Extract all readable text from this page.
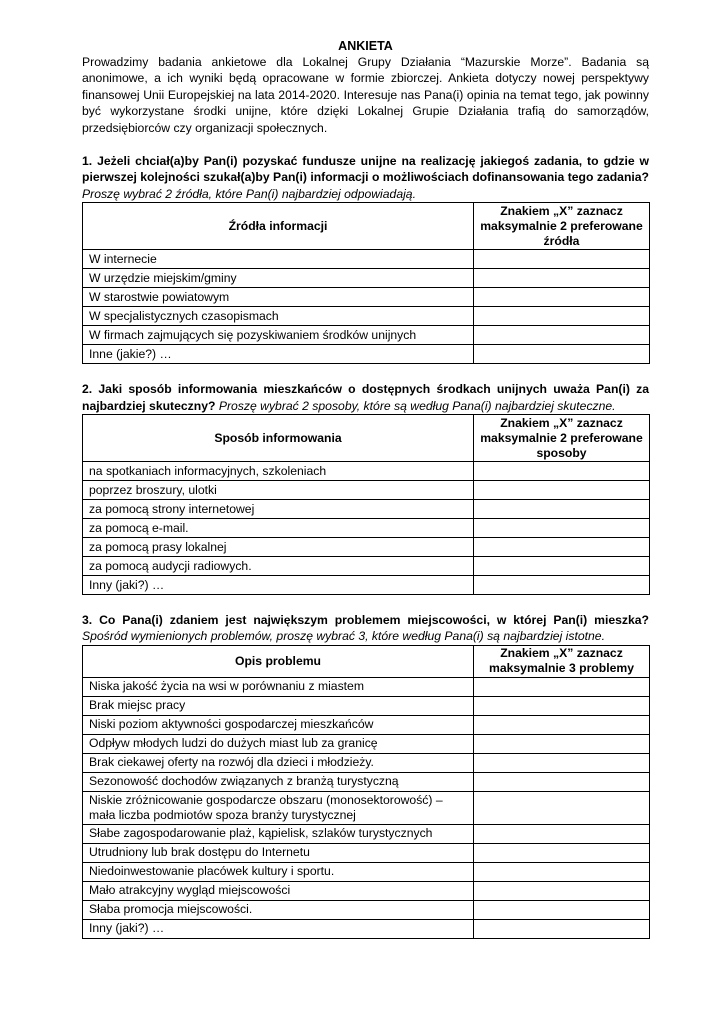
ANKIETA

Prowadzimy badania ankietowe dla Lokalnej Grupy Działania “Mazurskie Morze”. Badania są anonimowe, a ich wyniki będą opracowane w formie zbiorczej. Ankieta dotyczy nowej perspektywy finansowej Unii Europejskiej na lata 2014-2020. Interesuje nas Pana(i) opinia na temat tego, jak powinny być wykorzystane środki unijne, które dzięki Lokalnej Grupie Działania trafią do samorządów, przedsiębiorców czy organizacji społecznych.

1. Jeżeli chciał(a)by Pan(i) pozyskać fundusze unijne na realizację jakiegoś zadania, to gdzie w pierwszej kolejności szukał(a)by Pan(i) informacji o możliwościach dofinansowania tego zadania? Proszę wybrać 2 źródła, które Pan(i) najbardziej odpowiadają.

Źródła informacji	Znakiem „X” zaznacz maksymalnie 2 preferowane źródła
W internecie	
W urzędzie miejskim/gminy	
W starostwie powiatowym	
W specjalistycznych czasopismach	
W firmach zajmujących się pozyskiwaniem środków unijnych	
Inne (jakie?) …	

2. Jaki sposób informowania mieszkańców o dostępnych środkach unijnych uważa Pan(i) za najbardziej skuteczny? Proszę wybrać 2 sposoby, które są według Pana(i) najbardziej skuteczne.

Sposób informowania	Znakiem „X” zaznacz maksymalnie 2 preferowane sposoby
na spotkaniach informacyjnych, szkoleniach	
poprzez broszury, ulotki	
za pomocą strony internetowej	
za pomocą e-mail.	
za pomocą prasy lokalnej	
za pomocą audycji radiowych.	
Inny (jaki?) …	

3. Co Pana(i) zdaniem jest największym problemem miejscowości, w której Pan(i) mieszka? Spośród wymienionych problemów, proszę wybrać 3, które według Pana(i) są najbardziej istotne.

Opis problemu	Znakiem „X” zaznacz maksymalnie 3 problemy
Niska jakość życia na wsi w porównaniu z miastem	
Brak miejsc pracy	
Niski poziom aktywności gospodarczej mieszkańców	
Odpływ młodych ludzi do dużych miast lub za granicę	
Brak ciekawej oferty na rozwój dla dzieci i młodzieży.	
Sezonowość dochodów związanych z branżą turystyczną	
Niskie zróżnicowanie gospodarcze obszaru (monosektorowość) – mała liczba podmiotów spoza branży turystycznej	
Słabe zagospodarowanie plaż, kąpielisk, szlaków turystycznych	
Utrudniony lub brak dostępu do Internetu	
Niedoinwestowanie placówek kultury i sportu.	
Mało atrakcyjny wygląd miejscowości	
Słaba promocja miejscowości.	
Inny (jaki?) …	
